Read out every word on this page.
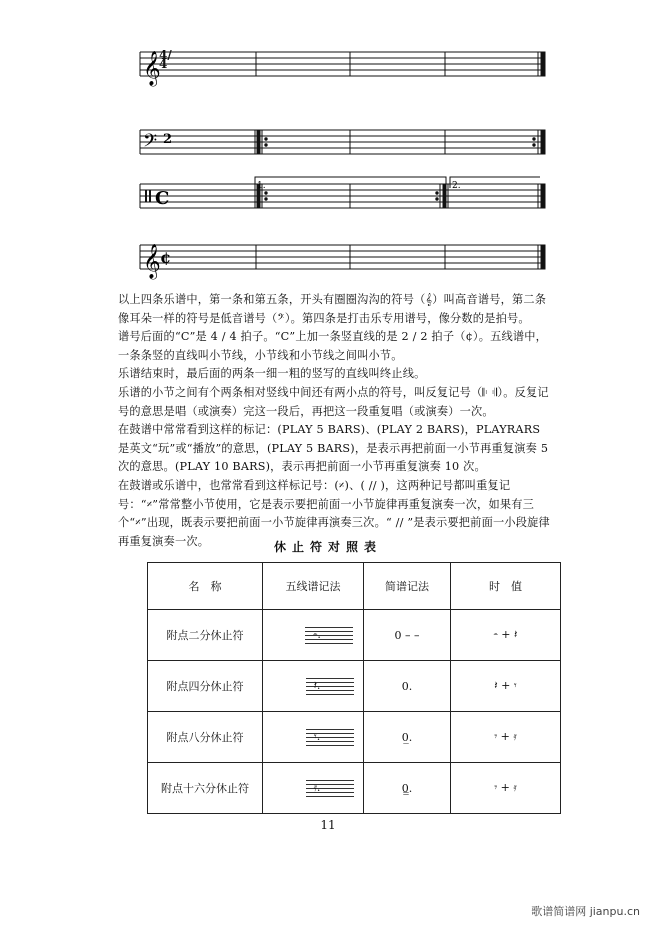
𝄞
𝄢 2
1.	2.
C
𝄞 ¢
4/4

以上四条乐谱中，第一条和第五条，开头有圈圈沟沟的符号（𝄞）叫高音谱号，第二条像耳朵一样的符号是低音谱号（𝄢）。第四条是打击乐专用谱号，像分数的是拍号。

谱号后面的“C”是 4 / 4 拍子。“C”上加一条竖直线的是 2 / 2 拍子（¢）。五线谱中，一条条竖的直线叫小节线，小节线和小节线之间叫小节。

乐谱结束时，最后面的两条一细一粗的竖写的直线叫终止线。

乐谱的小节之间有个两条相对竖线中间还有两小点的符号，叫反复记号（𝄆 𝄇）。反复记号的意思是唱（或演奏）完这一段后，再把这一段重复唱（或演奏）一次。

在鼓谱中常常看到这样的标记：(PLAY 5 BARS)、(PLAY 2 BARS)，PLAYRARS 是英文“玩”或“播放”的意思，(PLAY 5 BARS)，是表示再把前面一小节再重复演奏 5 次的意思。(PLAY 10 BARS)，表示再把前面一小节再重复演奏 10 次。

在鼓谱或乐谱中，也常常看到这样标记号：(𝄎)、( // )，这两种记号都叫重复记号：“𝄎”常常整小节使用，它是表示要把前面一小节旋律再重复演奏一次，如果有三个“𝄎”出现，既表示要把前面一小节旋律再演奏三次。“ // ”是表示要把前面一小段旋律再重复演奏一次。	休止符对照表
名　称	五线谱记法	简谱记法	时　值
附点二分休止符	𝄼.	0 – –	𝄼 + 𝄽
附点四分休止符	𝄽.	0.	𝄽 + 𝄾
附点八分休止符	𝄾.	0̲.	𝄾 + 𝄿
附点十六分休止符	𝄿.	0̳.	𝄾 + 𝄿
11
歌谱简谱网 jianpu.cn
